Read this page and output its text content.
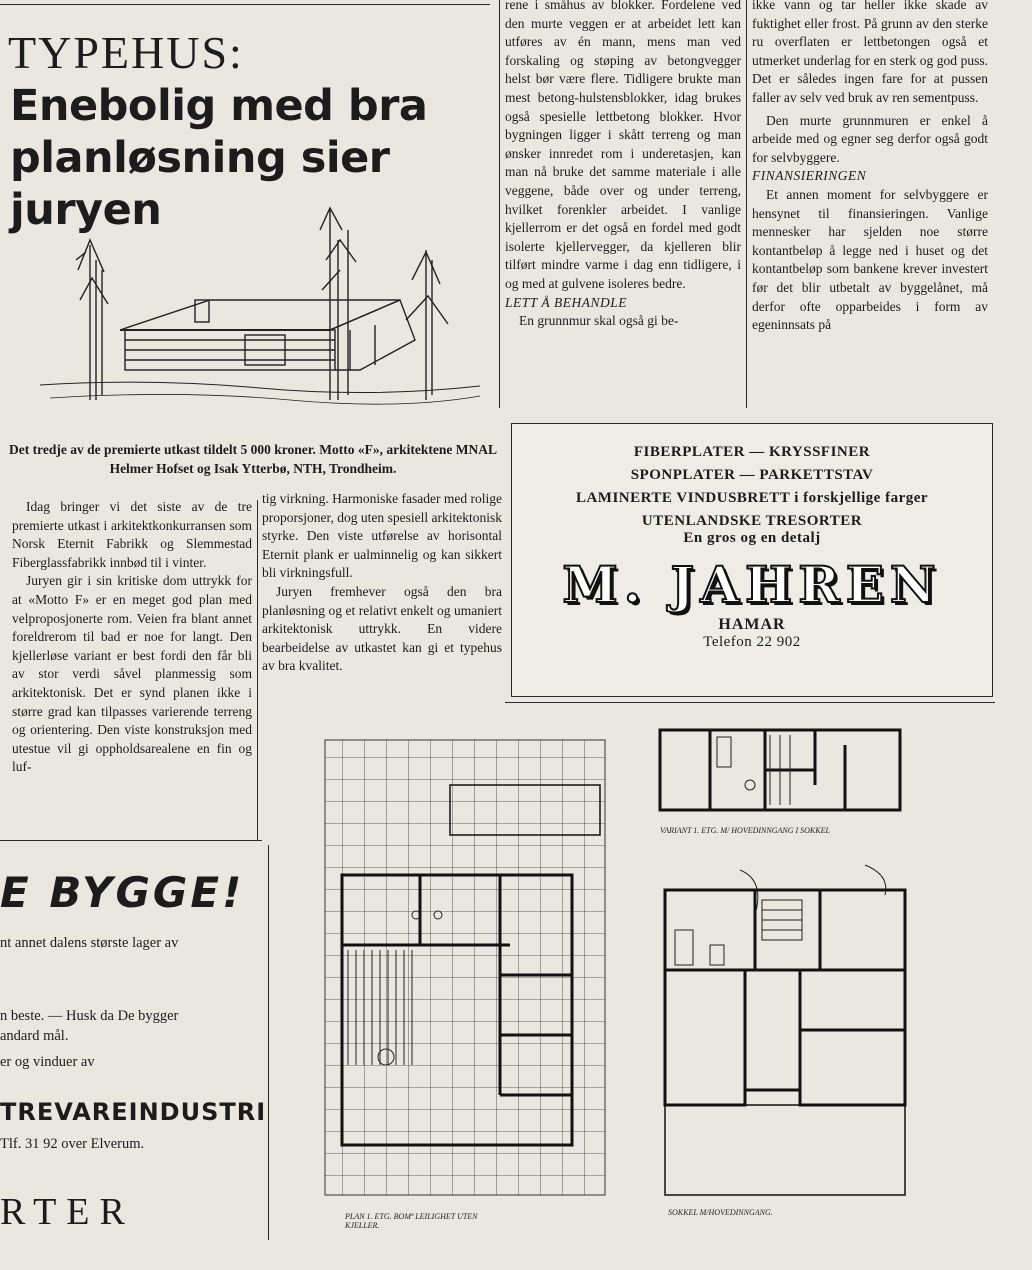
TYPEHUS:
Enebolig med bra planløsning sier juryen
Det tredje av de premierte utkast tildelt 5 000 kroner. Motto «F», arkitektene MNAL Helmer Hofset og Isak Ytterbø, NTH, Trondheim.

Idag bringer vi det siste av de tre premierte utkast i arkitektkonkurransen som Norsk Eternit Fabrikk og Slemmestad Fiberglassfabrikk innbød til i vinter.

Juryen gir i sin kritiske dom uttrykk for at «Motto F» er en meget god plan med velproposjonerte rom. Veien fra blant annet foreldrerom til bad er noe for langt. Den kjellerløse variant er best fordi den får bli av stor verdi såvel planmessig som arkitektonisk. Det er synd planen ikke i større grad kan tilpasses varierende terreng og orientering. Den viste konstruksjon med utestue vil gi oppholdsarealene en fin og luf-

tig virkning. Harmoniske fasader med rolige proporsjoner, dog uten spesiell arkitektonisk styrke. Den viste utførelse av horisontal Eternit plank er ualminnelig og kan sikkert bli virkningsfull.

Juryen fremhever også den bra planløsning og et relativt enkelt og umaniert arkitektonisk uttrykk. En videre bearbeidelse av utkastet kan gi et typehus av bra kvalitet.

rene i småhus av blokker. Fordelene ved den murte veggen er at arbeidet lett kan utføres av én mann, mens man ved forskaling og støping av betongvegger helst bør være flere. Tidligere brukte man mest betong-hulstensblokker, idag brukes også spesielle lettbetong blokker. Hvor bygningen ligger i skått terreng og man ønsker innredet rom i underetasjen, kan man nå bruke det samme materiale i alle veggene, både over og under terreng, hvilket forenkler arbeidet. I vanlige kjellerrom er det også en fordel med godt isolerte kjellervegger, da kjelleren blir tilført mindre varme i dag enn tidligere, i og med at gulvene isoleres bedre.

LETT Å BEHANDLE

En grunnmur skal også gi be-

ikke vann og tar heller ikke skade av fuktighet eller frost. På grunn av den sterke ru overflaten er lettbetongen også et utmerket underlag for en sterk og god puss. Det er således ingen fare for at pussen faller av selv ved bruk av ren sementpuss.

Den murte grunnmuren er enkel å arbeide med og egner seg derfor også godt for selvbyggere.

FINANSIERINGEN

Et annen moment for selvbyggere er hensynet til finansieringen. Vanlige mennesker har sjelden noe større kontantbeløp å legge ned i huset og det kontantbeløp som bankene krever investert før det blir utbetalt av byggelånet, må derfor ofte opparbeides i form av egeninnsats på

FIBERPLATER — KRYSSFINER
SPONPLATER — PARKETTSTAV
LAMINERTE VINDUSBRETT i forskjellige farger
UTENLANDSKE TRESORTER
En gros og en detalj
M. JAHREN
HAMAR
Telefon 22 902
E BYGGE!
nt annet dalens største lager av
n beste. — Husk da De bygger
andard mål.
er og vinduer av
TREVAREINDUSTRI
Tlf. 31 92 over Elverum.
RTER	PLAN 1. ETG. BOMª LEILIGHET UTEN KJELLER.
VARIANT 1. ETG. M/ HOVEDINNGANG I SOKKEL
SOKKEL M/HOVEDINNGANG.
